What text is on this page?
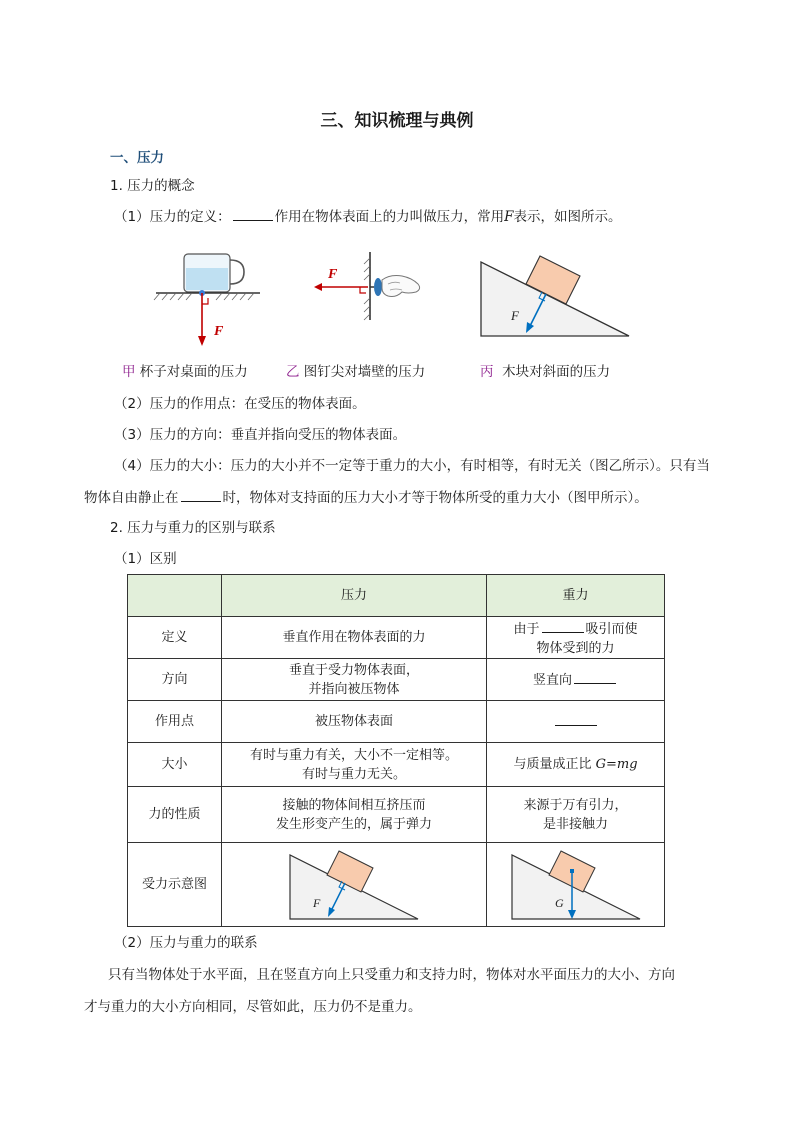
三、知识梳理与典例
一、压力
1. 压力的概念
（1）压力的定义：	作用在物体表面上的力叫做压力，常用F表示，如图所示。
F
F
F
甲 杯子对桌面的压力	乙 图钉尖对墙壁的压力	丙 木块对斜面的压力
（2）压力的作用点：在受压的物体表面。
（3）压力的方向：垂直并指向受压的物体表面。
（4）压力的大小：压力的大小并不一定等于重力的大小，有时相等，有时无关（图乙所示）。只有当
物体自由静止在	时，物体对支持面的压力大小才等于物体所受的重力大小（图甲所示）。
2. 压力与重力的区别与联系
（1）区别
	压力	重力
定义	垂直作用在物体表面的力	由于 吸引而使
物体受到的力
方向	垂直于受力物体表面，
并指向被压物体	竖直向
作用点	被压物体表面	
大小	有时与重力有关，大小不一定相等。
有时与重力无关。	与质量成正比 G=mg
力的性质	接触的物体间相互挤压而
发生形变产生的，属于弹力	来源于万有引力，
是非接触力
受力示意图	F	G
（2）压力与重力的联系
只有当物体处于水平面，且在竖直方向上只受重力和支持力时，物体对水平面压力的大小、方向
才与重力的大小方向相同，尽管如此，压力仍不是重力。
